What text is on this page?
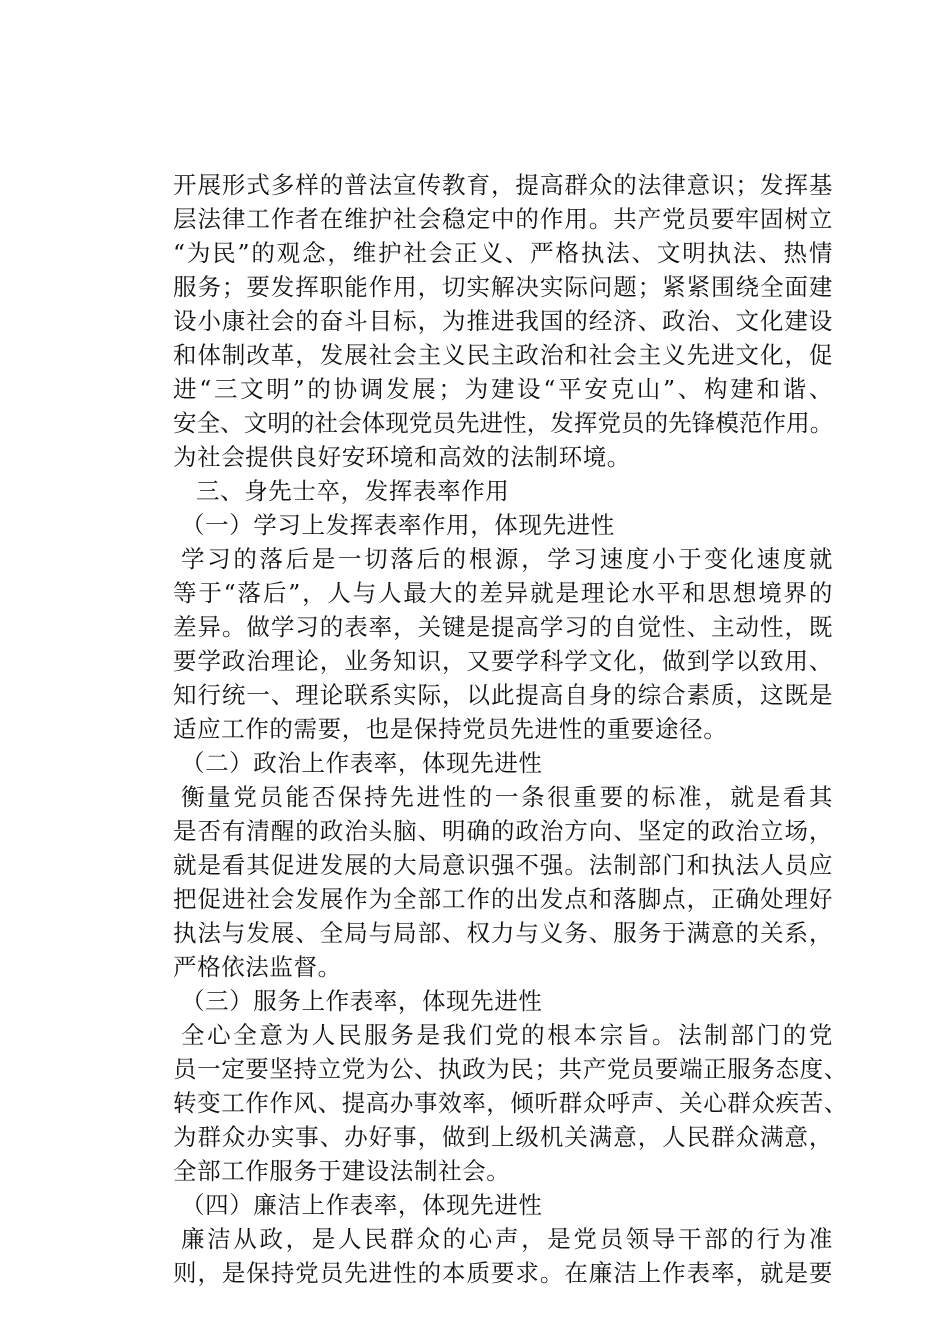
开展形式多样的普法宣传教育，提高群众的法律意识；发挥基
层法律工作者在维护社会稳定中的作用。共产党员要牢固树立
“为民”的观念，维护社会正义、严格执法、文明执法、热情
服务；要发挥职能作用，切实解决实际问题；紧紧围绕全面建
设小康社会的奋斗目标，为推进我国的经济、政治、文化建设
和体制改革，发展社会主义民主政治和社会主义先进文化，促
进“三文明”的协调发展；为建设“平安克山”、构建和谐、
安全、文明的社会体现党员先进性，发挥党员的先锋模范作用。
为社会提供良好安环境和高效的法制环境。
三、身先士卒，发挥表率作用
（一）学习上发挥表率作用，体现先进性
学习的落后是一切落后的根源，学习速度小于变化速度就
等于“落后”，人与人最大的差异就是理论水平和思想境界的
差异。做学习的表率，关键是提高学习的自觉性、主动性，既
要学政治理论，业务知识，又要学科学文化，做到学以致用、
知行统一、理论联系实际，以此提高自身的综合素质，这既是
适应工作的需要，也是保持党员先进性的重要途径。
（二）政治上作表率，体现先进性
衡量党员能否保持先进性的一条很重要的标准，就是看其
是否有清醒的政治头脑、明确的政治方向、坚定的政治立场，
就是看其促进发展的大局意识强不强。法制部门和执法人员应
把促进社会发展作为全部工作的出发点和落脚点，正确处理好
执法与发展、全局与局部、权力与义务、服务于满意的关系，
严格依法监督。
（三）服务上作表率，体现先进性
全心全意为人民服务是我们党的根本宗旨。法制部门的党
员一定要坚持立党为公、执政为民；共产党员要端正服务态度、
转变工作作风、提高办事效率，倾听群众呼声、关心群众疾苦、
为群众办实事、办好事，做到上级机关满意，人民群众满意，
全部工作服务于建设法制社会。
（四）廉洁上作表率，体现先进性
廉洁从政，是人民群众的心声，是党员领导干部的行为准
则，是保持党员先进性的本质要求。在廉洁上作表率，就是要
